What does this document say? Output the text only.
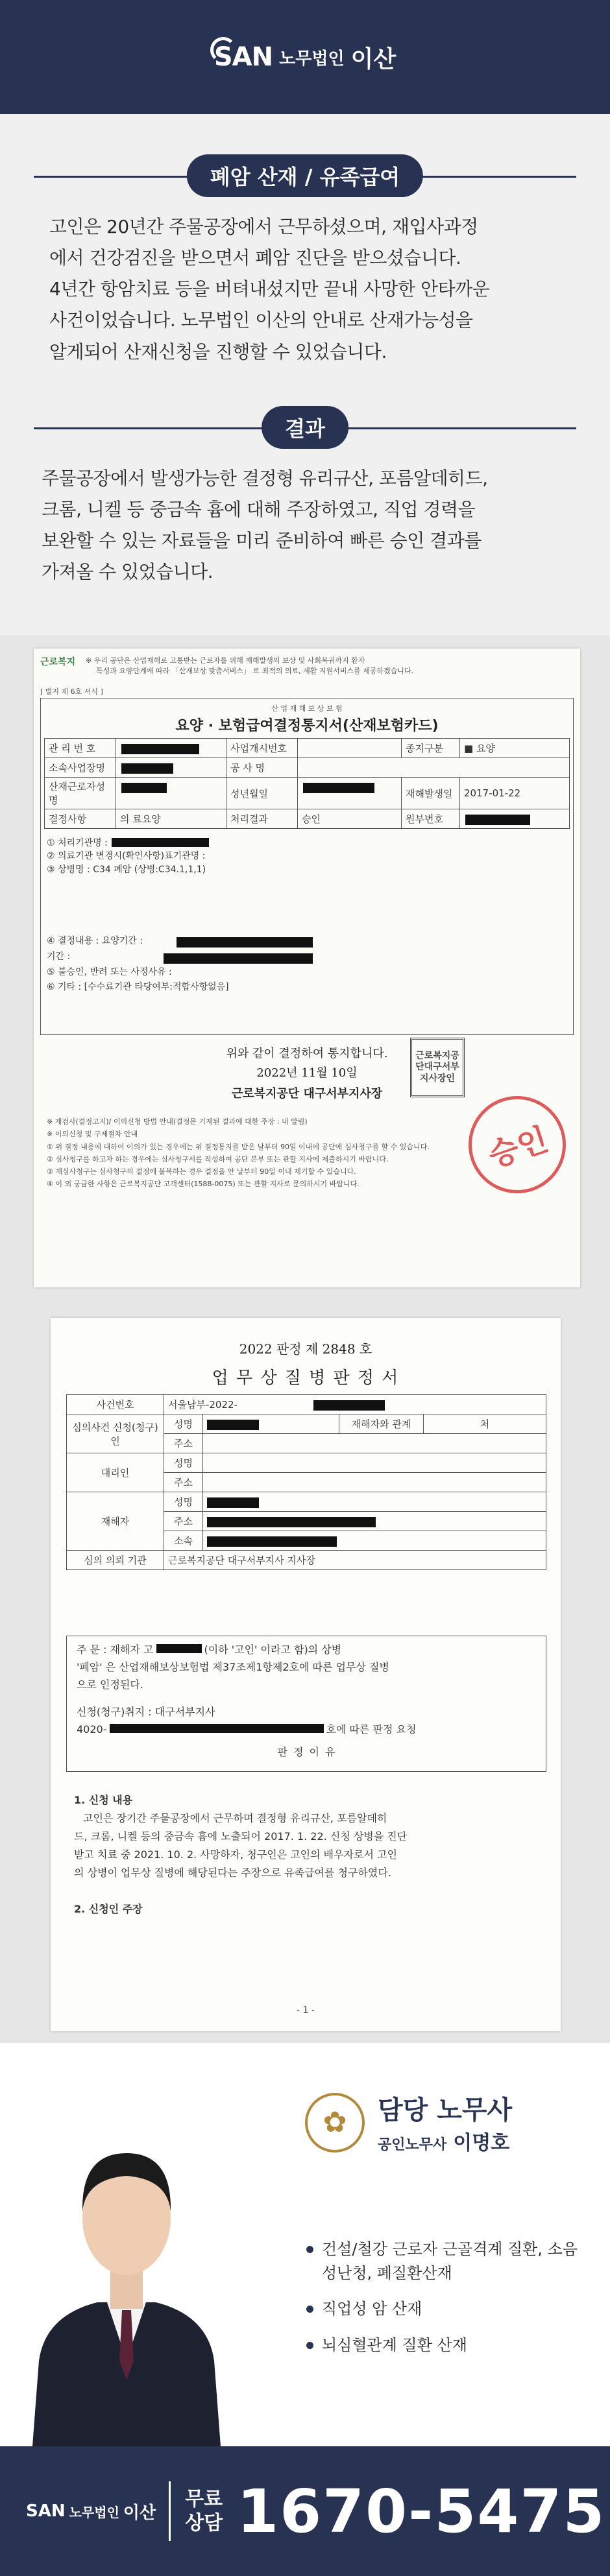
SAN 노무법인 이산
폐암 산재 / 유족급여
고인은 20년간 주물공장에서 근무하셨으며, 재입사과정
에서 건강검진을 받으면서 폐암 진단을 받으셨습니다.
4년간 항암치료 등을 버텨내셨지만 끝내 사망한 안타까운
사건이었습니다. 노무법인 이산의 안내로 산재가능성을
알게되어 산재신청을 진행할 수 있었습니다.
결과
주물공장에서 발생가능한 결정형 유리규산, 포름알데히드,
크롬, 니켈 등 중금속 흄에 대해 주장하였고, 직업 경력을
보완할 수 있는 자료들을 미리 준비하여 빠른 승인 결과를
가져올 수 있었습니다.
근로복지	※ 우리 공단은 산업재해로 고통받는 근로자를 위해 재해발생의 보상 및 사회복귀까지 환자
특성과 요양단계에 따라 「산재보상 맞춤서비스」 로 최적의 의료, 재활 지원서비스를 제공하겠습니다.
[ 별지 제 6호 서식 ]
산 업 재 해 보 상 보 험
요양 · 보험급여결정통지서(산재보험카드)
관 리 번 호		사업개시번호		종지구분	■ 요양
소속사업장명		공 사 명			
산재근로자성명		성년월일		재해발생일	2017-01-22
결정사항	의 료요양	처리결과	승인	원부번호	
① 처리기관명 :
② 의료기관 변경시(확인사항)표기관명 :
③ 상병명 : C34 폐암 (상병:C34.1,1,1)
④ 결정내용 : 요양기간 :
기간 :
⑤ 불승인, 반려 또는 사정사유 :
⑥ 기타 : [수수료기관 타당여부:적합사항없음]
위와 같이 결정하여 통지합니다.
2022년 11월 10일
근로복지공단 대구서부지사장
근로복지공단대구서부지사장인
※ 재검사(결정고지)/ 이의신청 방법 안내(결정문 기재된 결과에 대한 주장 : 내 알림)
※ 이의신청 및 구제절차 안내
① 위 결정 내용에 대하여 이의가 있는 경우에는 위 결정통지를 받은 날부터 90일 이내에 공단에 심사청구를 할 수 있습니다.
② 심사청구를 하고자 하는 경우에는 심사청구서를 작성하여 공단 본부 또는 관할 지사에 제출하시기 바랍니다.
③ 재심사청구는 심사청구의 결정에 불복하는 경우 결정을 안 날부터 90일 이내 제기할 수 있습니다.
④ 이 외 궁금한 사항은 근로복지공단 고객센터(1588-0075) 또는 관할 지사로 문의하시기 바랍니다.
승인
2022 판정 제 2848 호
업 무 상 질 병 판 정 서
사건번호	서울남부-2022-			

심의사건 신청(청구)인	성명		재해자와 관계	처
	주소			
대리인	성명			
	주소			
재해자	성명			

	주소			

	소속			

심의 의뢰 기관	근로복지공단 대구서부지사 지사장			
주 문 : 재해자 고	(이하 '고인' 이라고 함)의 상병
'폐암' 은 산업재해보상보험법 제37조제1항제2호에 따른 업무상 질병
으로 인정된다.
신청(청구)취지 : 대구서부지사
4020-	호에 따른 판정 요청
판 정 이 유
1. 신청 내용
고인은 장기간 주물공장에서 근무하며 결정형 유리규산, 포름알데히
드, 크롬, 니켈 등의 중금속 흄에 노출되어 2017. 1. 22. 신청 상병을 진단
받고 치료 중 2021. 10. 2. 사망하자, 청구인은 고인의 배우자로서 고인
의 상병이 업무상 질병에 해당된다는 주장으로 유족급여를 청구하였다.
2. 신청인 주장
- 1 -
✿	담당 노무사
공인노무사 이명호
건설/철강 근로자 근골격계 질환, 소음성난청, 폐질환산재
직업성 암 산재
뇌심혈관계 질환 산재
SAN 노무법인 이산
무료
상담 1670-5475
